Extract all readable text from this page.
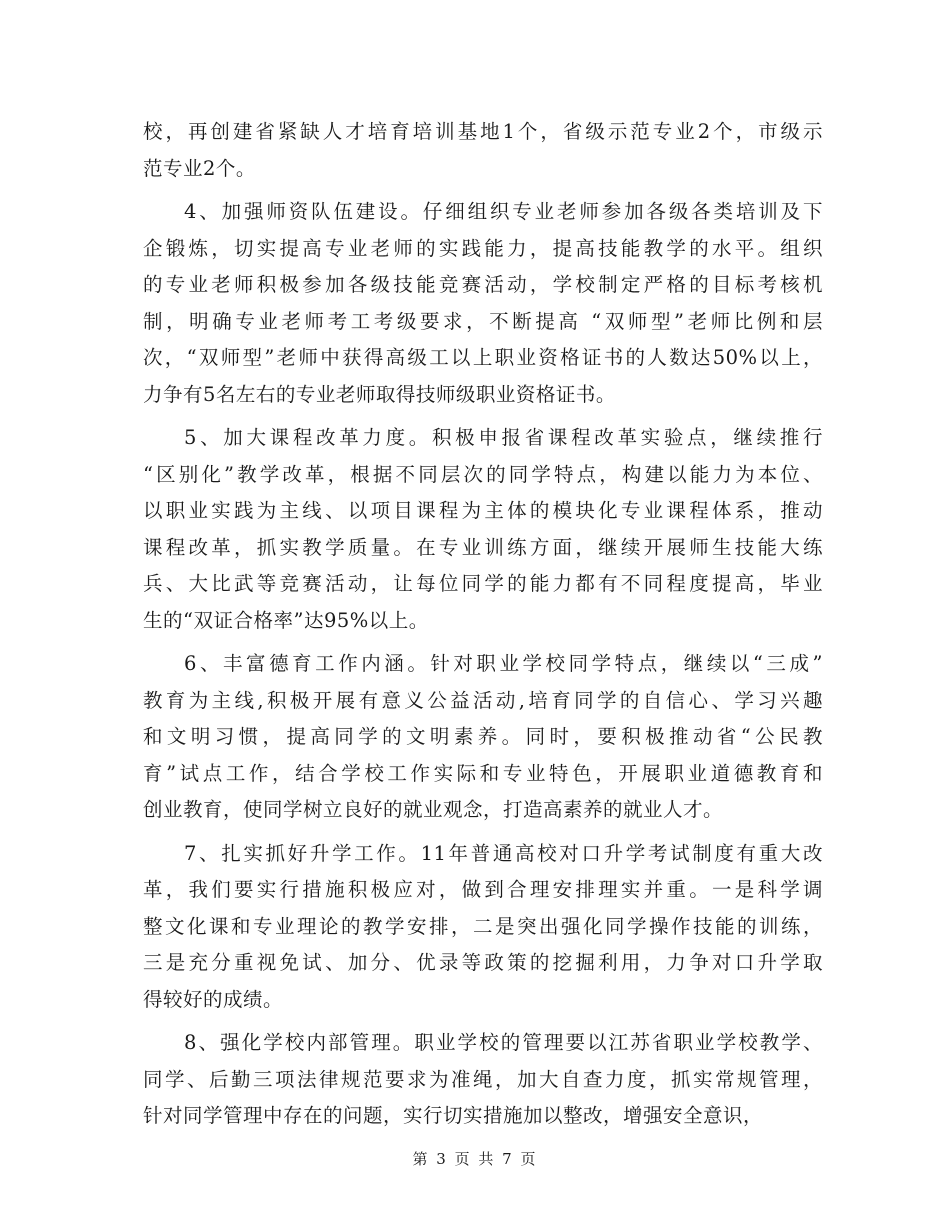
校，再创建省紧缺人才培育培训基地1个，省级示范专业2个，市级示
范专业2个。
4、加强师资队伍建设。仔细组织专业老师参加各级各类培训及下
企锻炼，切实提高专业老师的实践能力，提高技能教学的水平。组织
的专业老师积极参加各级技能竞赛活动，学校制定严格的目标考核机
制，明确专业老师考工考级要求，不断提高 “双师型”老师比例和层
次，“双师型”老师中获得高级工以上职业资格证书的人数达50%以上，
力争有5名左右的专业老师取得技师级职业资格证书。
5、加大课程改革力度。积极申报省课程改革实验点，继续推行
“区别化”教学改革，根据不同层次的同学特点，构建以能力为本位、
以职业实践为主线、以项目课程为主体的模块化专业课程体系，推动
课程改革，抓实教学质量。在专业训练方面，继续开展师生技能大练
兵、大比武等竞赛活动，让每位同学的能力都有不同程度提高，毕业
生的“双证合格率”达95%以上。
6、丰富德育工作内涵。针对职业学校同学特点，继续以“三成”
教育为主线,积极开展有意义公益活动,培育同学的自信心、学习兴趣
和文明习惯，提高同学的文明素养。同时，要积极推动省“公民教
育”试点工作，结合学校工作实际和专业特色，开展职业道德教育和
创业教育，使同学树立良好的就业观念，打造高素养的就业人才。
7、扎实抓好升学工作。11年普通高校对口升学考试制度有重大改
革，我们要实行措施积极应对，做到合理安排理实并重。一是科学调
整文化课和专业理论的教学安排，二是突出强化同学操作技能的训练，
三是充分重视免试、加分、优录等政策的挖掘利用，力争对口升学取
得较好的成绩。
8、强化学校内部管理。职业学校的管理要以江苏省职业学校教学、
同学、后勤三项法律规范要求为准绳，加大自查力度，抓实常规管理，
针对同学管理中存在的问题，实行切实措施加以整改，增强安全意识，
第 3 页 共 7 页
